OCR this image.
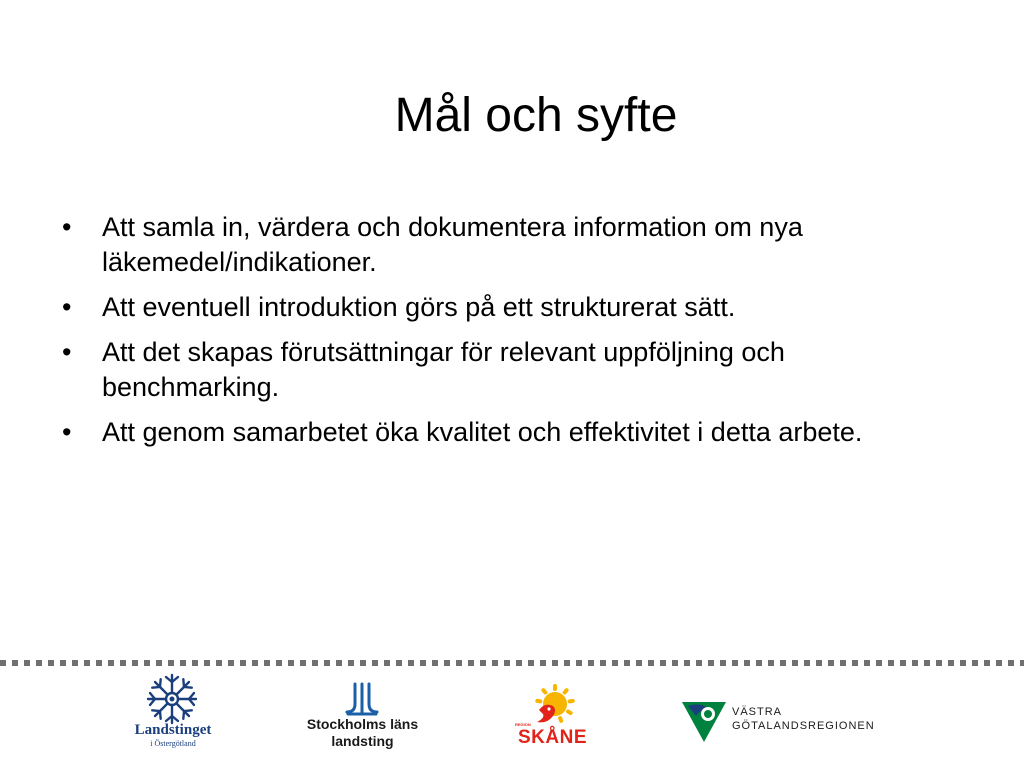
Mål och syfte
• Att samla in, värdera och dokumentera information om nya läkemedel/indikationer.
• Att eventuell introduktion görs på ett strukturerat sätt.
• Att det skapas förutsättningar för relevant uppföljning och benchmarking.
• Att genom samarbetet öka kvalitet och effektivitet i detta arbete.
Landstinget
i Östergötland
Stockholms läns
landsting
REGION
SKÅNE
VÄSTRA
GÖTALANDSREGIONEN
